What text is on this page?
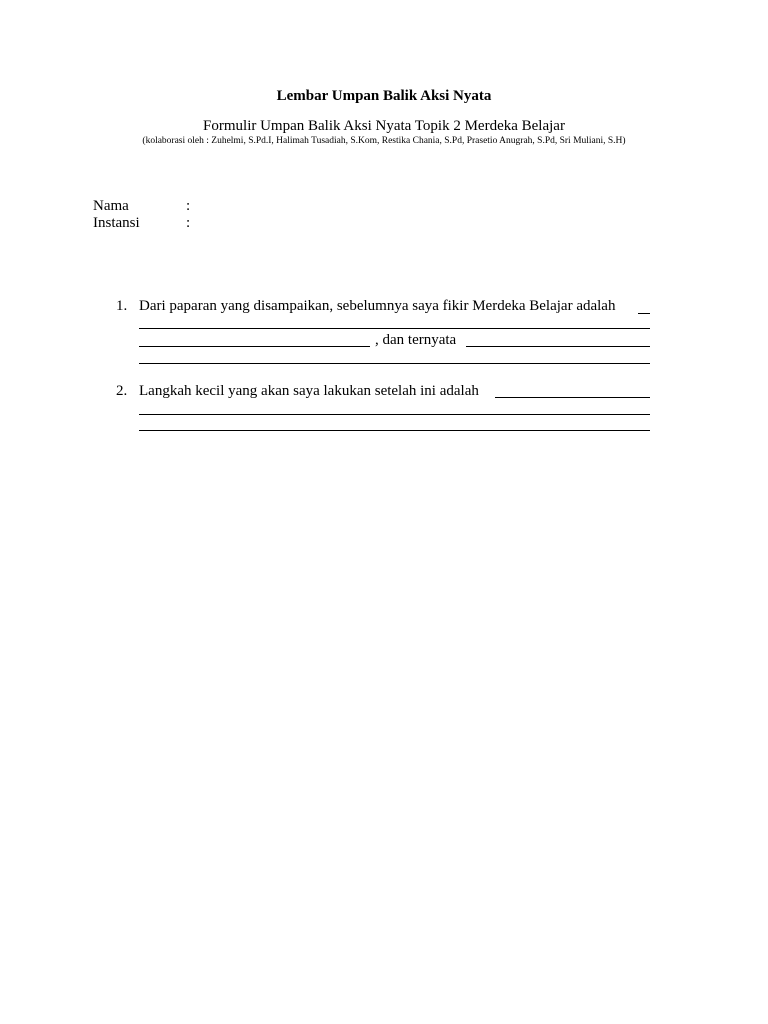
Lembar Umpan Balik Aksi Nyata
Formulir Umpan Balik Aksi Nyata Topik 2 Merdeka Belajar
(kolaborasi oleh : Zuhelmi, S.Pd.I, Halimah Tusadiah, S.Kom, Restika Chania, S.Pd, Prasetio Anugrah, S.Pd, Sri Muliani, S.H)
Nama	:
Instansi	:
1. Dari paparan yang disampaikan, sebelumnya saya fikir Merdeka Belajar adalah
, dan ternyata
2. Langkah kecil yang akan saya lakukan setelah ini adalah
